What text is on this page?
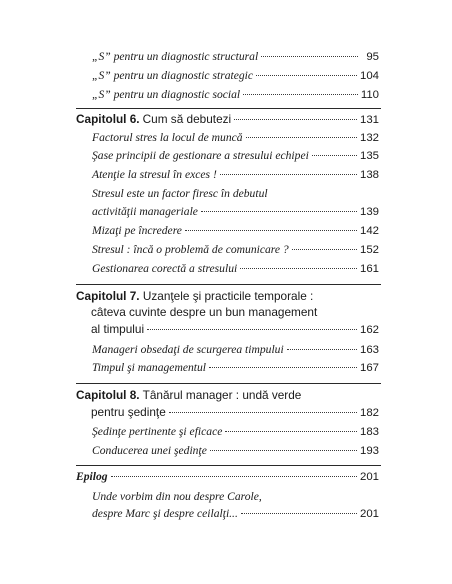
„S” pentru un diagnostic structural	95
„S” pentru un diagnostic strategic	104
„S” pentru un diagnostic social	110
Capitolul 6. Cum să debutezi	131
Factorul stres la locul de muncă	132
Şase principii de gestionare a stresului echipei	135
Atenţie la stresul în exces !	138
Stresul este un factor firesc în debutul
activităţii manageriale	139
Mizaţi pe încredere	142
Stresul : încă o problemă de comunicare ?	152
Gestionarea corectă a stresului	161
Capitolul 7. Uzanţele şi practicile temporale :
câteva cuvinte despre un bun management
al timpului	162
Manageri obsedaţi de scurgerea timpului	163
Timpul şi managementul	167
Capitolul 8. Tânărul manager : undă verde
pentru şedinţe	182
Şedinţe pertinente şi eficace	183
Conducerea unei şedinţe	193
Epilog	201
Unde vorbim din nou despre Carole,
despre Marc şi despre ceilalţi...	201
